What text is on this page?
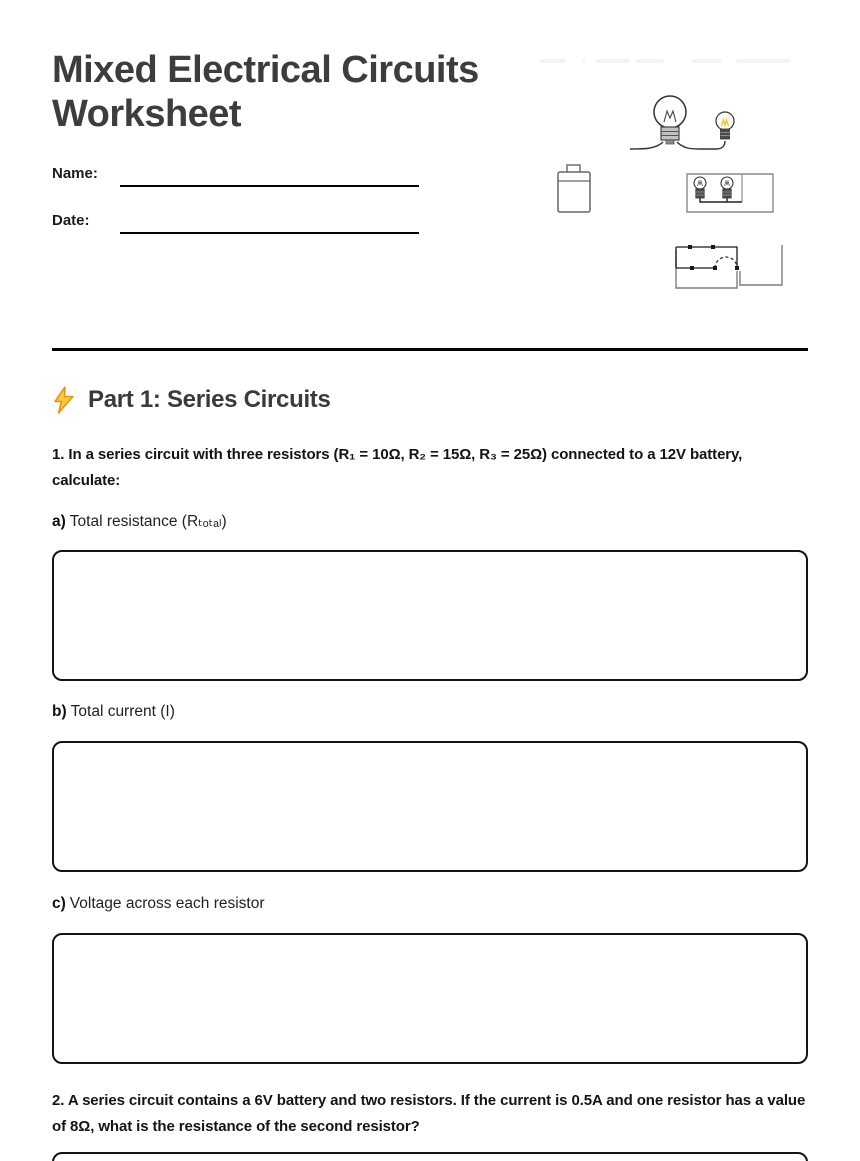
Mixed Electrical Circuits Worksheet
Name:
Date:
Part 1: Series Circuits

1. In a series circuit with three resistors (R₁ = 10Ω, R₂ = 15Ω, R₃ = 25Ω) connected to a 12V battery, calculate:

a) Total resistance (Rₜₒₜₐₗ)

b) Total current (I)

c) Voltage across each resistor

2. A series circuit contains a 6V battery and two resistors. If the current is 0.5A and one resistor has a value of 8Ω, what is the resistance of the second resistor?
